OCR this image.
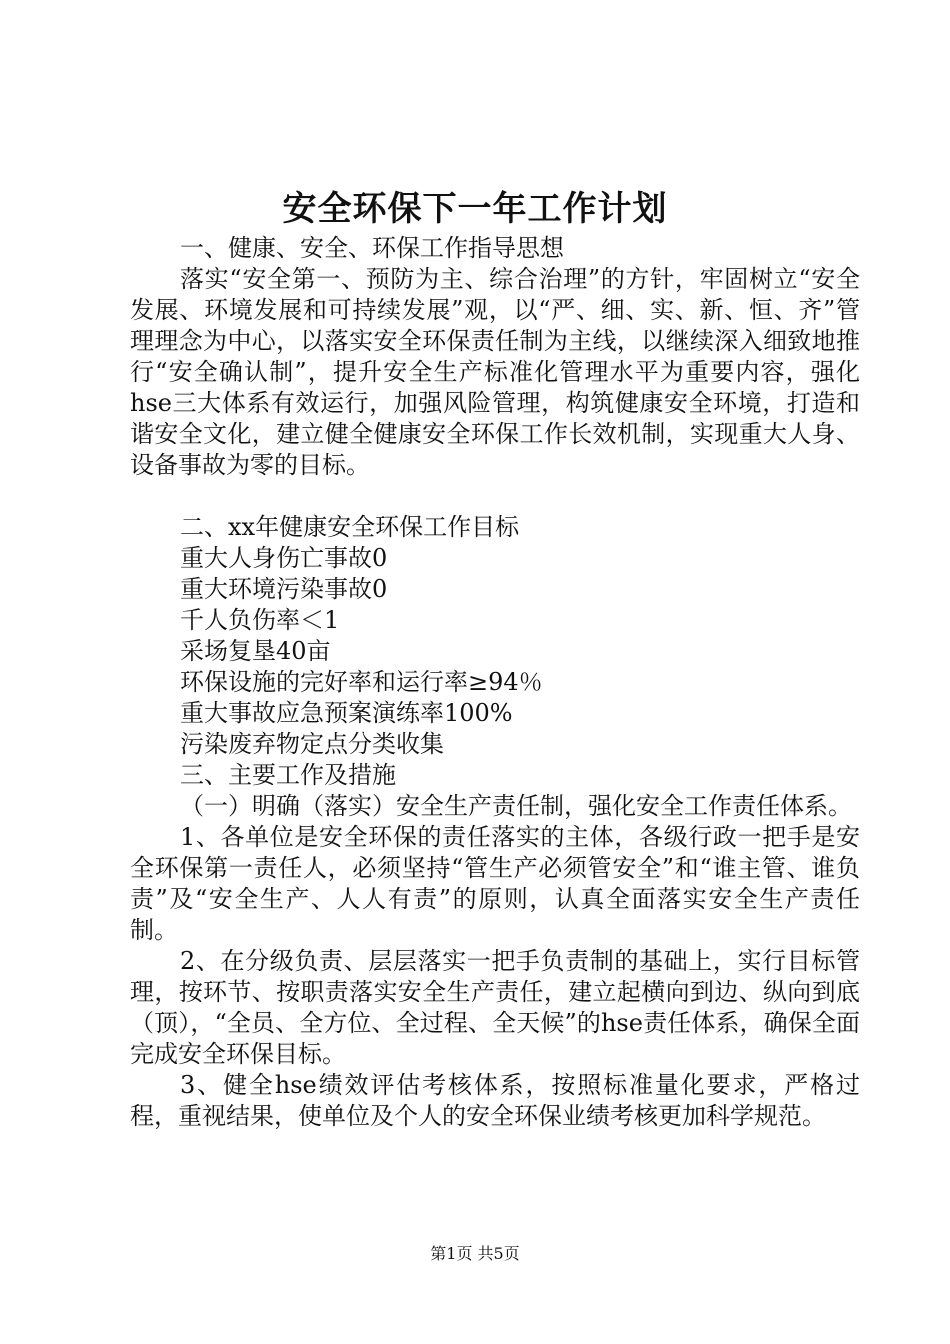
安全环保下一年工作计划

一、健康、安全、环保工作指导思想

落实“安全第一、预防为主、综合治理”的方针，牢固树立“安全发展、环境发展和可持续发展”观，以“严、细、实、新、恒、齐”管理理念为中心，以落实安全环保责任制为主线，以继续深入细致地推行“安全确认制”，提升安全生产标准化管理水平为重要内容，强化hse三大体系有效运行，加强风险管理，构筑健康安全环境，打造和谐安全文化，建立健全健康安全环保工作长效机制，实现重大人身、设备事故为零的目标。

二、xx年健康安全环保工作目标

重大人身伤亡事故0

重大环境污染事故0

千人负伤率＜1

采场复垦40亩

环保设施的完好率和运行率≥94％

重大事故应急预案演练率100%

污染废弃物定点分类收集

三、主要工作及措施

（一）明确（落实）安全生产责任制，强化安全工作责任体系。

1、各单位是安全环保的责任落实的主体，各级行政一把手是安全环保第一责任人，必须坚持“管生产必须管安全”和“谁主管、谁负责”及“安全生产、人人有责”的原则，认真全面落实安全生产责任制。

2、在分级负责、层层落实一把手负责制的基础上，实行目标管理，按环节、按职责落实安全生产责任，建立起横向到边、纵向到底（顶），“全员、全方位、全过程、全天候”的hse责任体系，确保全面完成安全环保目标。

3、健全hse绩效评估考核体系，按照标准量化要求，严格过程，重视结果，使单位及个人的安全环保业绩考核更加科学规范。

第1页 共5页
